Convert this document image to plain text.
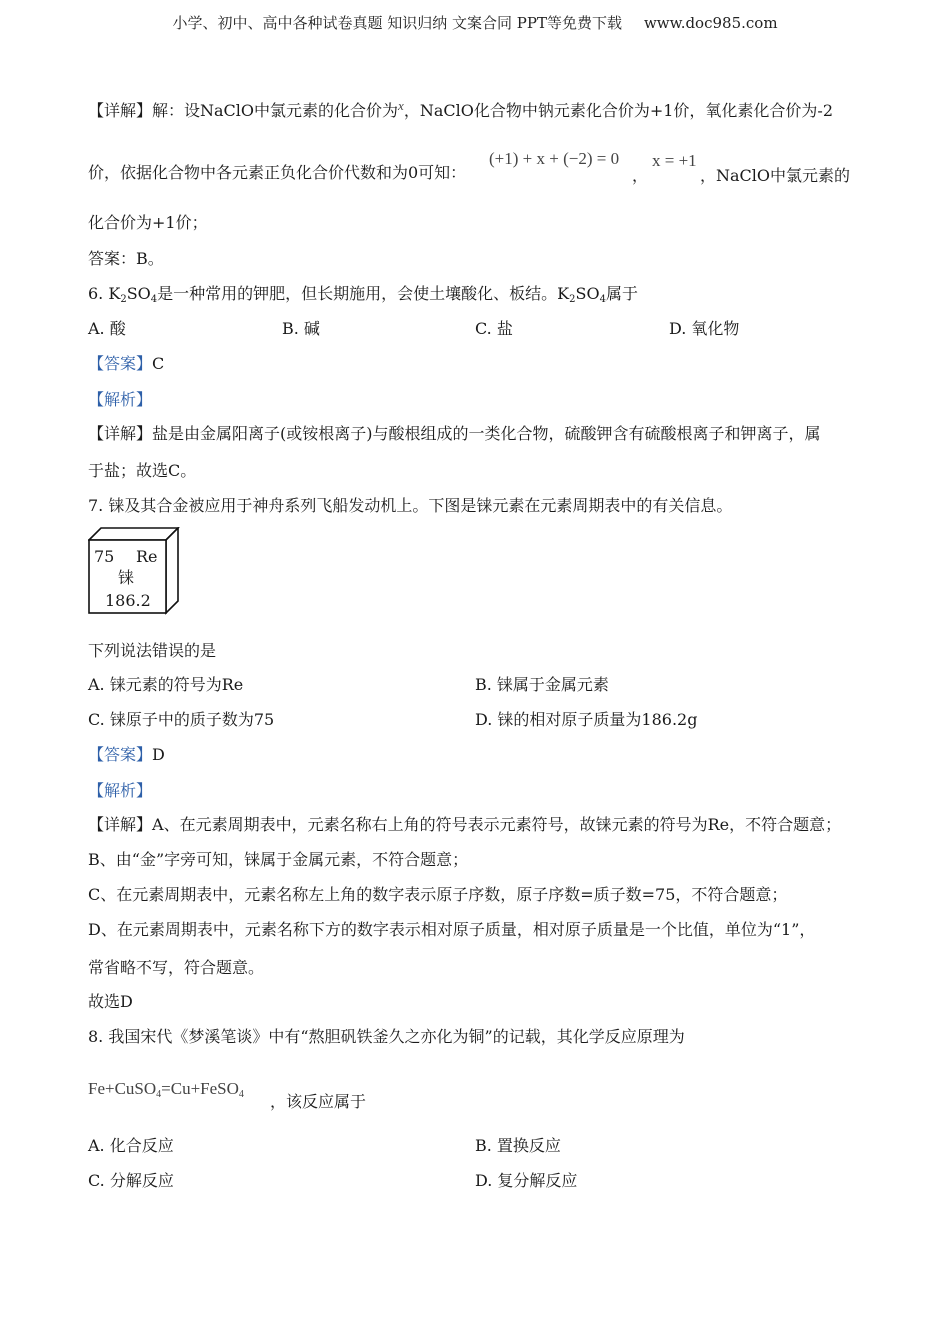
小学、初中、高中各种试卷真题 知识归纳 文案合同 PPT等免费下载 www.doc985.com
【详解】解：设NaClO中氯元素的化合价为$^x$，NaClO化合物中钠元素化合价为+1价，氧化素化合价为-2
价，依据化合物中各元素正负化合价代数和为0可知：
(+1) + x + (−2) = 0
，
x = +1
，NaClO中氯元素的
化合价为+1价；
答案：B。
6. $K_2SO_4$是一种常用的钾肥，但长期施用，会使土壤酸化、板结。$K_2SO_4$属于
A. 酸	B. 碱	C. 盐	D. 氧化物
【答案】C
【解析】
【详解】盐是由金属阳离子(或铵根离子)与酸根组成的一类化合物，硫酸钾含有硫酸根离子和钾离子，属
于盐；故选C。
7. 铼及其合金被应用于神舟系列飞船发动机上。下图是铼元素在元素周期表中的有关信息。
75 Re
铼
186.2
下列说法错误的是
A. 铼元素的符号为Re	B. 铼属于金属元素
C. 铼原子中的质子数为75	D. 铼的相对原子质量为186.2g
【答案】D
【解析】
【详解】A、在元素周期表中，元素名称右上角的符号表示元素符号，故铼元素的符号为Re，不符合题意；
B、由“金”字旁可知，铼属于金属元素，不符合题意；
C、在元素周期表中，元素名称左上角的数字表示原子序数，原子序数=质子数=75，不符合题意；
D、在元素周期表中，元素名称下方的数字表示相对原子质量，相对原子质量是一个比值，单位为“1”，
常省略不写，符合题意。
故选D
8. 我国宋代《梦溪笔谈》中有“熬胆矾铁釜久之亦化为铜”的记载，其化学反应原理为
Fe+CuSO$_4$=Cu+FeSO$_4$ ，该反应属于
A. 化合反应	B. 置换反应
C. 分解反应	D. 复分解反应
